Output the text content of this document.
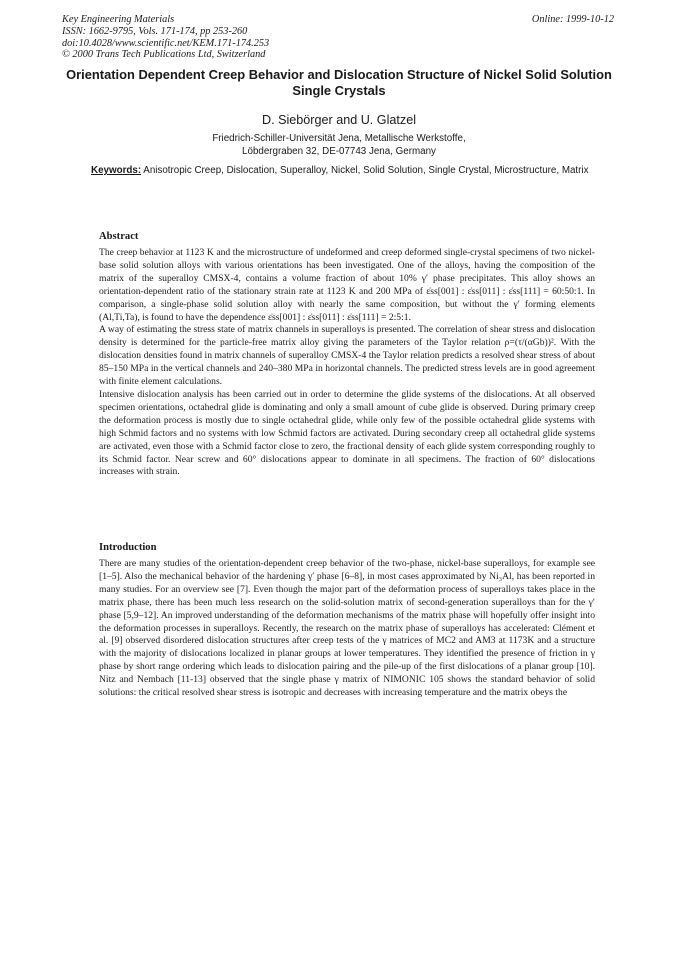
Key Engineering Materials
ISSN: 1662-9795, Vols. 171-174, pp 253-260
doi:10.4028/www.scientific.net/KEM.171-174.253
© 2000 Trans Tech Publications Ltd, Switzerland
Online: 1999-10-12
Orientation Dependent Creep Behavior and Dislocation Structure of Nickel Solid Solution Single Crystals
D. Siebörger and U. Glatzel
Friedrich-Schiller-Universität Jena, Metallische Werkstoffe,
Löbdergraben 32, DE-07743 Jena, Germany
Keywords: Anisotropic Creep, Dislocation, Superalloy, Nickel, Solid Solution, Single Crystal, Microstructure, Matrix
Abstract

The creep behavior at 1123 K and the microstructure of undeformed and creep deformed single-crystal specimens of two nickel-base solid solution alloys with various orientations has been investigated. One of the alloys, having the composition of the matrix of the superalloy CMSX-4, contains a volume fraction of about 10% γ′ phase precipitates. This alloy shows an orientation-dependent ratio of the stationary strain rate at 1123 K and 200 MPa of ε̇ss[001] : ε̇ss[011] : ε̇ss[111] = 60:50:1. In comparison, a single-phase solid solution alloy with nearly the same composition, but without the γ′ forming elements (Al,Ti,Ta), is found to have the dependence ε̇ss[001] : ε̇ss[011] : ε̇ss[111] = 2:5:1.

A way of estimating the stress state of matrix channels in superalloys is presented. The correlation of shear stress and dislocation density is determined for the particle-free matrix alloy giving the parameters of the Taylor relation ρ=(τ/(αGb))². With the dislocation densities found in matrix channels of superalloy CMSX-4 the Taylor relation predicts a resolved shear stress of about 85–150 MPa in the vertical channels and 240–380 MPa in horizontal channels. The predicted stress levels are in good agreement with finite element calculations.

Intensive dislocation analysis has been carried out in order to determine the glide systems of the dislocations. At all observed specimen orientations, octahedral glide is dominating and only a small amount of cube glide is observed. During primary creep the deformation process is mostly due to single octahedral glide, while only few of the possible octahedral glide systems with high Schmid factors and no systems with low Schmid factors are activated. During secondary creep all octahedral glide systems are activated, even those with a Schmid factor close to zero, the fractional density of each glide system corresponding roughly to its Schmid factor. Near screw and 60° dislocations appear to dominate in all specimens. The fraction of 60° dislocations increases with strain.

Introduction

There are many studies of the orientation-dependent creep behavior of the two-phase, nickel-base superalloys, for example see [1–5]. Also the mechanical behavior of the hardening γ′ phase [6–8], in most cases approximated by Ni₃Al, has been reported in many studies. For an overview see [7]. Even though the major part of the deformation process of superalloys takes place in the matrix phase, there has been much less research on the solid-solution matrix of second-generation superalloys than for the γ′ phase [5,9–12]. An improved understanding of the deformation mechanisms of the matrix phase will hopefully offer insight into the deformation processes in superalloys. Recently, the research on the matrix phase of superalloys has accelerated: Clément et al. [9] observed disordered dislocation structures after creep tests of the γ matrices of MC2 and AM3 at 1173K and a structure with the majority of dislocations localized in planar groups at lower temperatures. They identified the presence of friction in γ phase by short range ordering which leads to dislocation pairing and the pile-up of the first dislocations of a planar group [10]. Nitz and Nembach [11-13] observed that the single phase γ matrix of NIMONIC 105 shows the standard behavior of solid solutions: the critical resolved shear stress is isotropic and decreases with increasing temperature and the matrix obeys the
